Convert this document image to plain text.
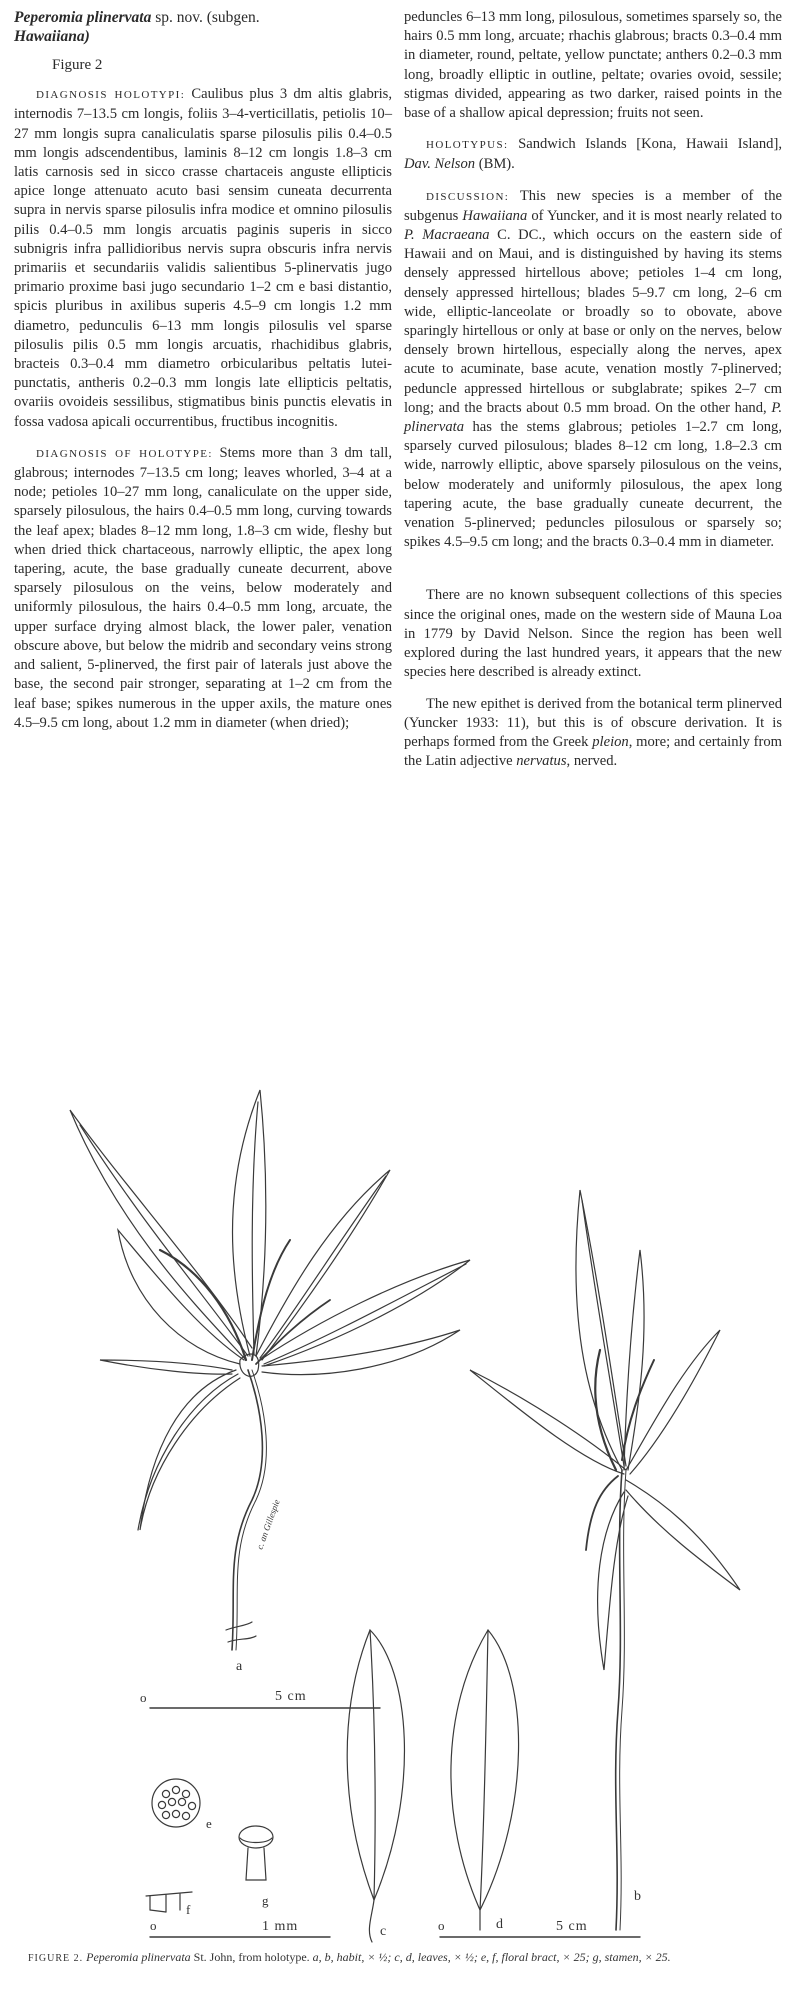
Peperomia plinervata sp. nov. (subgen.
Hawaiiana)
Figure 2

DIAGNOSIS HOLOTYPI: Caulibus plus 3 dm altis glabris, internodis 7–13.5 cm longis, foliis 3–4-verticillatis, petiolis 10–27 mm longis supra canaliculatis sparse pilosulis pilis 0.4–0.5 mm longis adscendentibus, laminis 8–12 cm longis 1.8–3 cm latis carnosis sed in sicco crasse chartaceis anguste ellipticis apice longe attenuato acuto basi sensim cuneata decurrenta supra in nervis sparse pilosulis infra modice et omnino pilosulis pilis 0.4–0.5 mm longis arcuatis paginis superis in sicco subnigris infra pallidioribus nervis supra obscuris infra nervis primariis et secundariis validis salientibus 5-plinervatis jugo primario proxime basi jugo secundario 1–2 cm e basi distantio, spicis pluribus in axilibus superis 4.5–9 cm longis 1.2 mm diametro, pedunculis 6–13 mm longis pilosulis vel sparse pilosulis pilis 0.5 mm longis arcuatis, rhachidibus glabris, bracteis 0.3–0.4 mm diametro orbicularibus peltatis lutei-punctatis, antheris 0.2–0.3 mm longis late ellipticis peltatis, ovariis ovoideis sessilibus, stigmatibus binis punctis elevatis in fossa vadosa apicali occurrentibus, fructibus incognitis.

DIAGNOSIS OF HOLOTYPE: Stems more than 3 dm tall, glabrous; internodes 7–13.5 cm long; leaves whorled, 3–4 at a node; petioles 10–27 mm long, canaliculate on the upper side, sparsely pilosulous, the hairs 0.4–0.5 mm long, curving towards the leaf apex; blades 8–12 mm long, 1.8–3 cm wide, fleshy but when dried thick chartaceous, narrowly elliptic, the apex long tapering, acute, the base gradually cuneate decurrent, above sparsely pilosulous on the veins, below moderately and uniformly pilosulous, the hairs 0.4–0.5 mm long, arcuate, the upper surface drying almost black, the lower paler, venation obscure above, but below the midrib and secondary veins strong and salient, 5-plinerved, the first pair of laterals just above the base, the second pair stronger, separating at 1–2 cm from the leaf base; spikes numerous in the upper axils, the mature ones 4.5–9.5 cm long, about 1.2 mm in diameter (when dried);

peduncles 6–13 mm long, pilosulous, sometimes sparsely so, the hairs 0.5 mm long, arcuate; rhachis glabrous; bracts 0.3–0.4 mm in diameter, round, peltate, yellow punctate; anthers 0.2–0.3 mm long, broadly elliptic in outline, peltate; ovaries ovoid, sessile; stigmas divided, appearing as two darker, raised points in the base of a shallow apical depression; fruits not seen.

HOLOTYPUS: Sandwich Islands [Kona, Hawaii Island], Dav. Nelson (BM).

DISCUSSION: This new species is a member of the subgenus Hawaiiana of Yuncker, and it is most nearly related to P. Macraeana C. DC., which occurs on the eastern side of Hawaii and on Maui, and is distinguished by having its stems densely appressed hirtellous above; petioles 1–4 cm long, densely appressed hirtellous; blades 5–9.7 cm long, 2–6 cm wide, elliptic-lanceolate or broadly so to obovate, above sparingly hirtellous or only at base or only on the nerves, below densely brown hirtellous, especially along the nerves, apex acute to acuminate, base acute, venation mostly 7-plinerved; peduncle appressed hirtellous or subglabrate; spikes 2–7 cm long; and the bracts about 0.5 mm broad. On the other hand, P. plinervata has the stems glabrous; petioles 1–2.7 cm long, sparsely curved pilosulous; blades 8–12 cm long, 1.8–2.3 cm wide, narrowly elliptic, above sparsely pilosulous on the veins, below moderately and uniformly pilosulous, the apex long tapering acute, the base gradually cuneate decurrent, the venation 5-plinerved; peduncles pilosulous or sparsely so; spikes 4.5–9.5 cm long; and the bracts 0.3–0.4 mm in diameter.

There are no known subsequent collections of this species since the original ones, made on the western side of Mauna Loa in 1779 by David Nelson. Since the region has been well explored during the last hundred years, it appears that the new species here described is already extinct.

The new epithet is derived from the botanical term plinerved (Yuncker 1933: 11), but this is of obscure derivation. It is perhaps formed from the Greek pleion, more; and certainly from the Latin adjective nervatus, nerved.

a
c. an Gillespie
o	5 cm
c	d
b
e
g
f
o	1 mm	o	5 cm
FIGURE 2. Peperomia plinervata St. John, from holotype. a, b, habit, × ½; c, d, leaves, × ½; e, f, floral bract, × 25; g, stamen, × 25.
